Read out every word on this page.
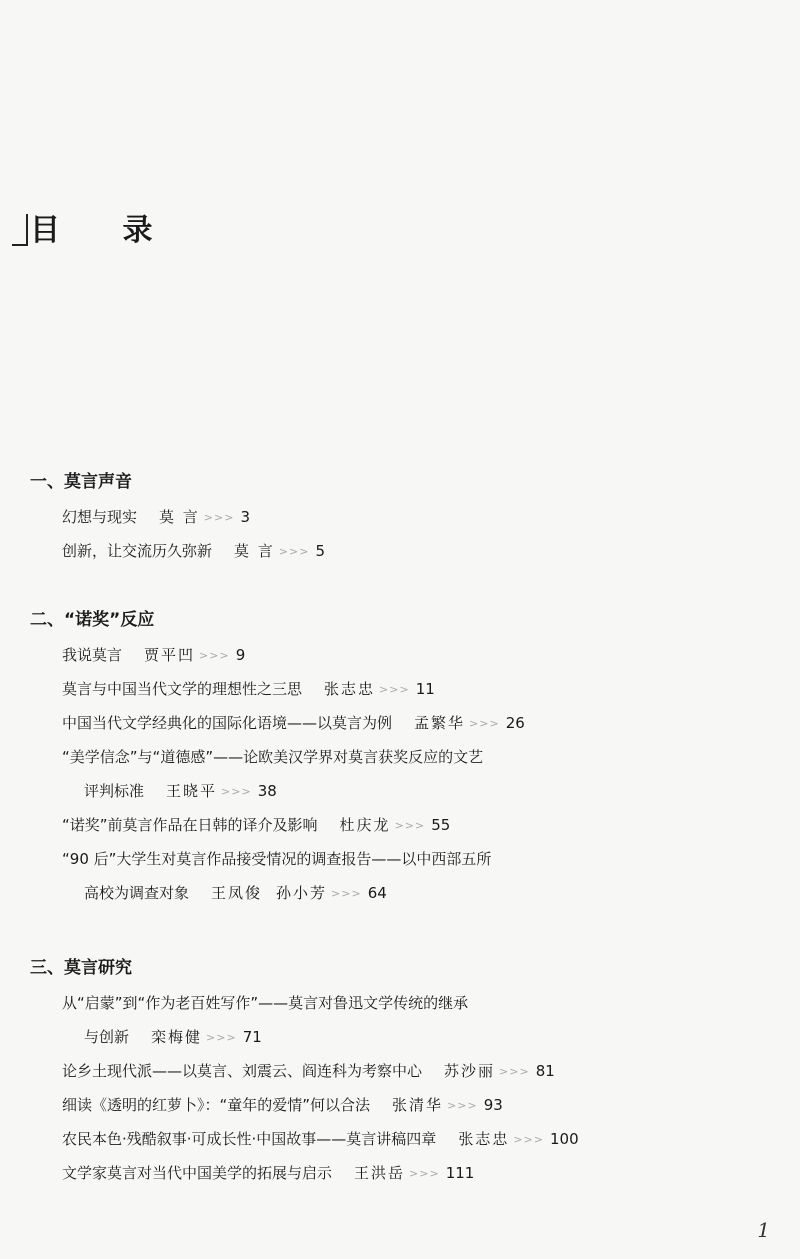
目 录
一、莫言声音
幻想与现实 莫 言 >>> 3
创新，让交流历久弥新 莫 言 >>> 5
二、“诺奖”反应
我说莫言 贾平凹 >>> 9
莫言与中国当代文学的理想性之三思 张志忠 >>> 11
中国当代文学经典化的国际化语境——以莫言为例 孟繁华 >>> 26
“美学信念”与“道德感”——论欧美汉学界对莫言获奖反应的文艺
评判标准 王晓平 >>> 38
“诺奖”前莫言作品在日韩的译介及影响 杜庆龙 >>> 55
“90 后”大学生对莫言作品接受情况的调查报告——以中西部五所
高校为调查对象 王凤俊 孙小芳 >>> 64
三、莫言研究
从“启蒙”到“作为老百姓写作”——莫言对鲁迅文学传统的继承
与创新 栾梅健 >>> 71
论乡土现代派——以莫言、刘震云、阎连科为考察中心 苏沙丽 >>> 81
细读《透明的红萝卜》：“童年的爱情”何以合法 张清华 >>> 93
农民本色·残酷叙事·可成长性·中国故事——莫言讲稿四章 张志忠 >>> 100
文学家莫言对当代中国美学的拓展与启示 王洪岳 >>> 111
1
